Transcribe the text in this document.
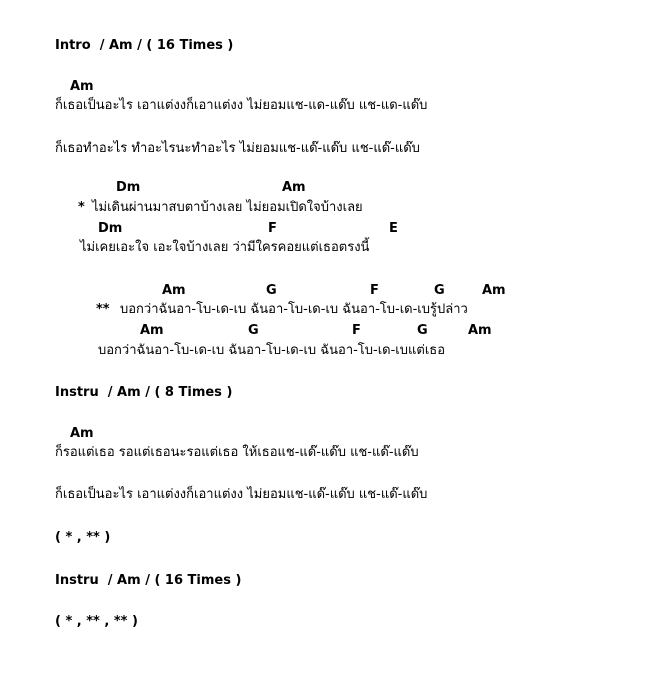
Intro / Am / ( 16 Times )
Am
ก็เธอเป็นอะไร เอาแต่งงก็เอาแต่งง ไม่ยอมแช-แด-แด๊บ แช-แด-แด๊บ
ก็เธอทำอะไร ทำอะไรนะทำอะไร ไม่ยอมแช-แด๊-แด๊บ แช-แด๊-แด๊บ
Dm	Am
* ไม่เดินผ่านมาสบตาบ้างเลย ไม่ยอมเปิดใจบ้างเลย
Dm	F	E
ไม่เคยเอะใจ เอะใจบ้างเลย ว่ามีใครคอยแต่เธอตรงนี้
Am	G	F	G	Am
** บอกว่าฉันอา-โบ-เด-เบ ฉันอา-โบ-เด-เบ ฉันอา-โบ-เด-เบรู้ปล่าว
Am	G	F	G	Am
บอกว่าฉันอา-โบ-เด-เบ ฉันอา-โบ-เด-เบ ฉันอา-โบ-เด-เบแต่เธอ
Instru / Am / ( 8 Times )
Am
ก็รอแต่เธอ รอแต่เธอนะรอแต่เธอ ให้เธอแช-แด๊-แด๊บ แช-แด๊-แด๊บ
ก็เธอเป็นอะไร เอาแต่งงก็เอาแต่งง ไม่ยอมแช-แด๊-แด๊บ แช-แด๊-แด๊บ
( * , ** )
Instru / Am / ( 16 Times )
( * , ** , ** )
